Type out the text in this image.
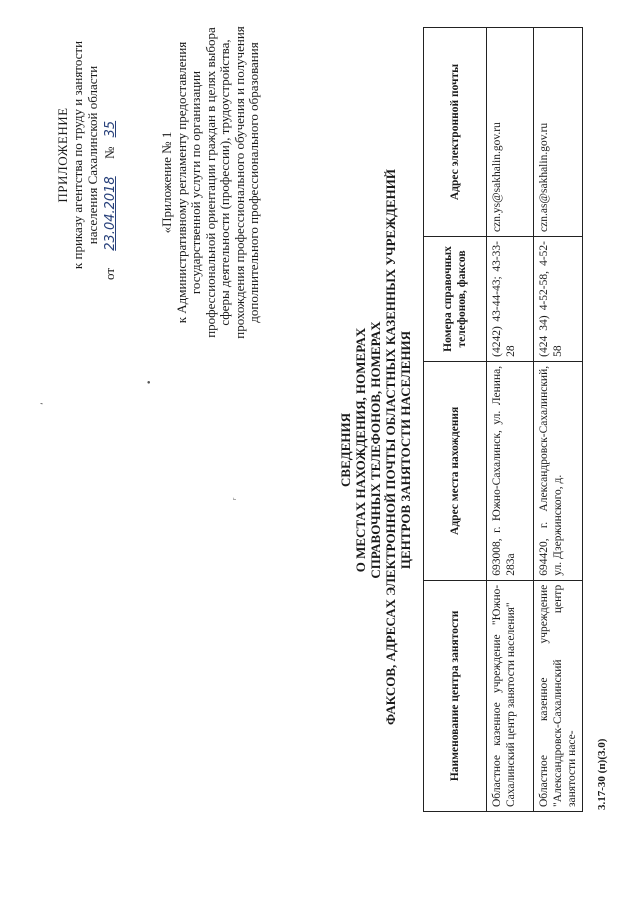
ʻ
•
ʳ
ПРИЛОЖЕНИЕ к приказу агентства по труду и занятости населения Сахалинской области
от 23.04.2018 № 35
«Приложение № 1 к Административному регламенту предоставления государственной услуги по организации профессиональной ориентации граждан в целях выбора сферы деятельности (профессии), трудоустройства, прохождения профессионального обучения и получения дополнительного профессионального образования
СВЕДЕНИЯ О МЕСТАХ НАХОЖДЕНИЯ, НОМЕРАХ СПРАВОЧНЫХ ТЕЛЕФОНОВ, НОМЕРАХ ФАКСОВ, АДРЕСАХ ЭЛЕКТРОННОЙ ПОЧТЫ ОБЛАСТНЫХ КАЗЕННЫХ УЧРЕЖДЕНИЙ ЦЕНТРОВ ЗАНЯТОСТИ НАСЕЛЕНИЯ
Наименование центра занятости	Адрес места нахождения	Номера справочных телефонов, факсов	Адрес электронной почты
Областное казенное учреждение "Южно-Сахалинский центр занятости населения"	693008, г. Южно-Сахалинск, ул. Ленина, 283а	(4242) 43-44-43; 43-33-28	czn.ys@sakhalin.gov.ru
Областное казенное учреждение "Александровск-Сахалинский центр занятости насе-	694420, г. Александровск-Сахалинский, ул. Дзержинского, д.	(424 34) 4-52-58, 4-52-58	czn.as@sakhalin.gov.ru
3.17-30 (п)(3.0)
